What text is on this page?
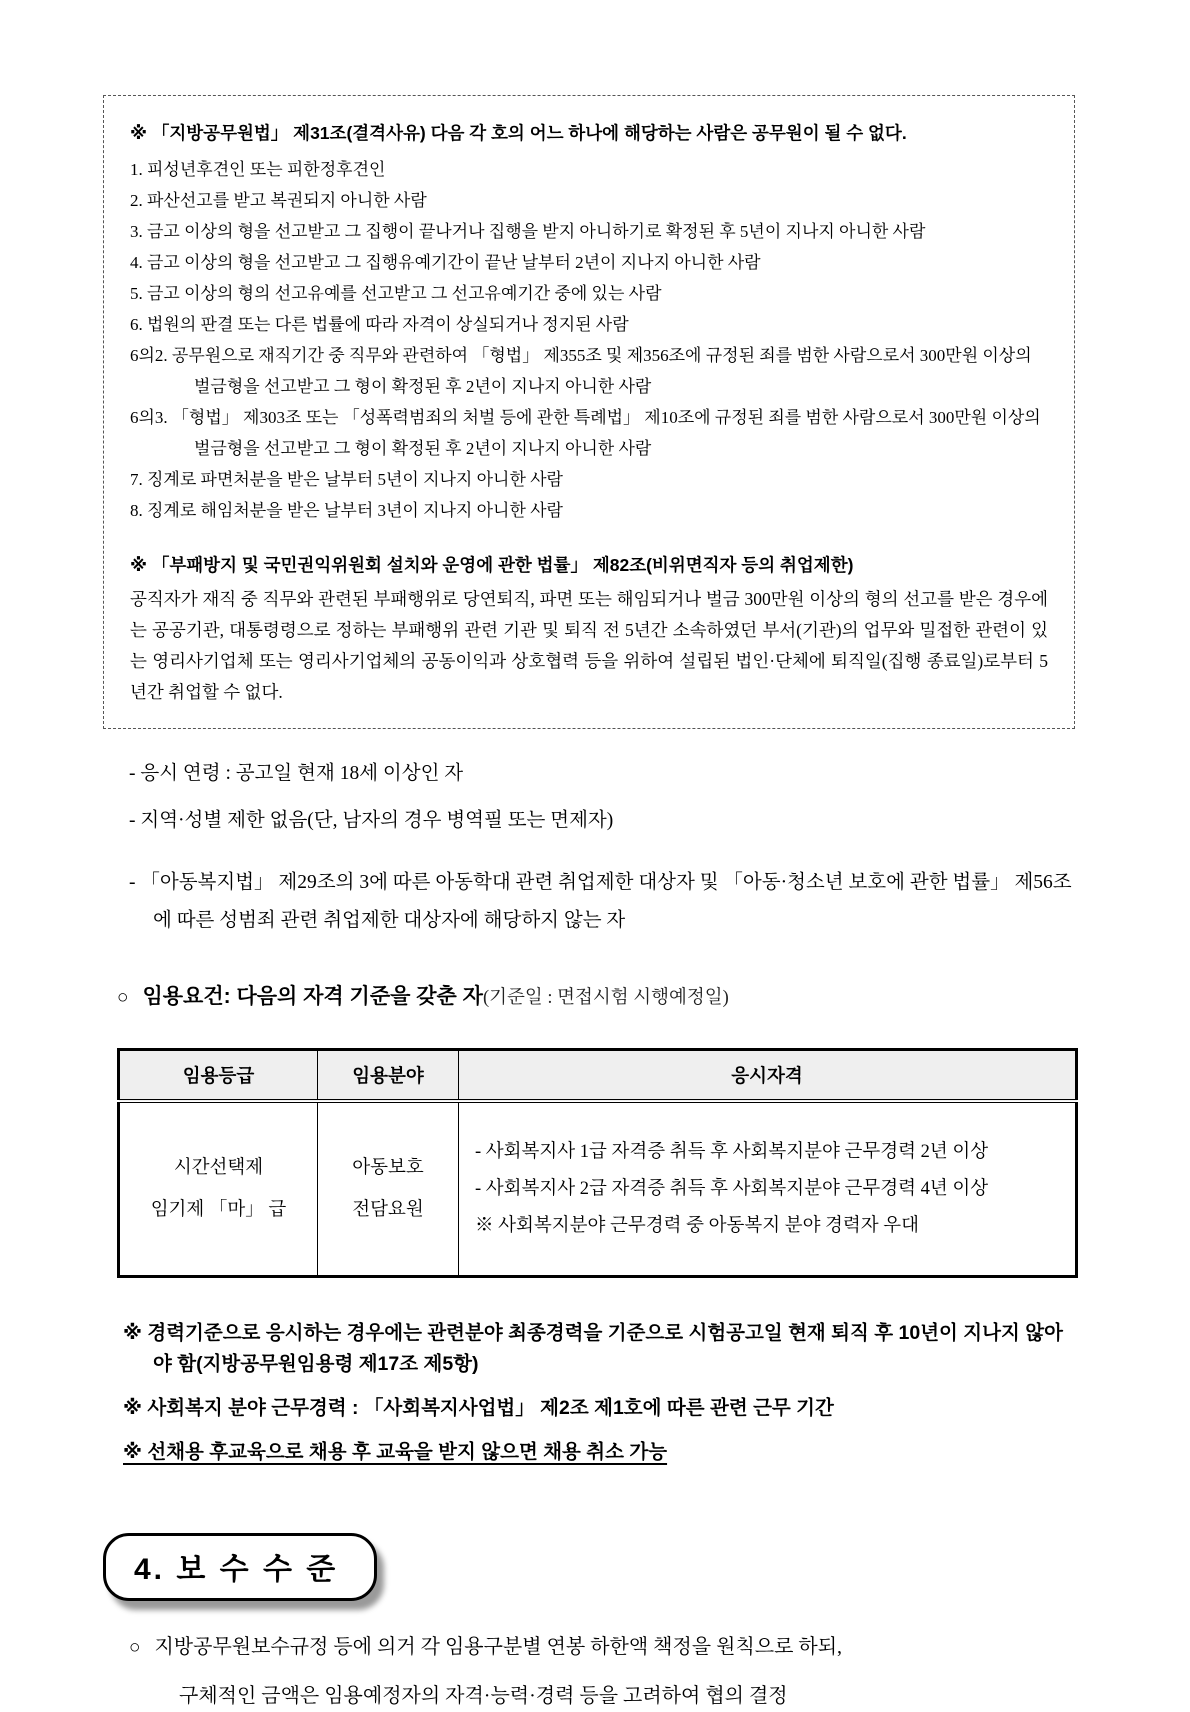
※ 「지방공무원법」 제31조(결격사유) 다음 각 호의 어느 하나에 해당하는 사람은 공무원이 될 수 없다.

1. 피성년후견인 또는 피한정후견인

2. 파산선고를 받고 복권되지 아니한 사람

3. 금고 이상의 형을 선고받고 그 집행이 끝나거나 집행을 받지 아니하기로 확정된 후 5년이 지나지 아니한 사람

4. 금고 이상의 형을 선고받고 그 집행유예기간이 끝난 날부터 2년이 지나지 아니한 사람

5. 금고 이상의 형의 선고유예를 선고받고 그 선고유예기간 중에 있는 사람

6. 법원의 판결 또는 다른 법률에 따라 자격이 상실되거나 정지된 사람

6의2. 공무원으로 재직기간 중 직무와 관련하여 「형법」 제355조 및 제356조에 규정된 죄를 범한 사람으로서 300만원 이상의 벌금형을 선고받고 그 형이 확정된 후 2년이 지나지 아니한 사람

6의3. 「형법」 제303조 또는 「성폭력범죄의 처벌 등에 관한 특례법」 제10조에 규정된 죄를 범한 사람으로서 300만원 이상의 벌금형을 선고받고 그 형이 확정된 후 2년이 지나지 아니한 사람

7. 징계로 파면처분을 받은 날부터 5년이 지나지 아니한 사람

8. 징계로 해임처분을 받은 날부터 3년이 지나지 아니한 사람

※ 「부패방지 및 국민권익위원회 설치와 운영에 관한 법률」 제82조(비위면직자 등의 취업제한)

공직자가 재직 중 직무와 관련된 부패행위로 당연퇴직, 파면 또는 해임되거나 벌금 300만원 이상의 형의 선고를 받은 경우에는 공공기관, 대통령령으로 정하는 부패행위 관련 기관 및 퇴직 전 5년간 소속하였던 부서(기관)의 업무와 밀접한 관련이 있는 영리사기업체 또는 영리사기업체의 공동이익과 상호협력 등을 위하여 설립된 법인·단체에 퇴직일(집행 종료일)로부터 5년간 취업할 수 없다.

- 응시 연령 : 공고일 현재 18세 이상인 자

- 지역·성별 제한 없음(단, 남자의 경우 병역필 또는 면제자)

- 「아동복지법」 제29조의 3에 따른 아동학대 관련 취업제한 대상자 및 「아동·청소년 보호에 관한 법률」 제56조에 따른 성범죄 관련 취업제한 대상자에 해당하지 않는 자

○ 임용요건: 다음의 자격 기준을 갖춘 자(기준일 : 면접시험 시행예정일)
임용등급	임용분야	응시자격

시간선택제
임기제 「마」 급

아동보호
전담요원

- 사회복지사 1급 자격증 취득 후 사회복지분야 근무경력 2년 이상
- 사회복지사 2급 자격증 취득 후 사회복지분야 근무경력 4년 이상
※ 사회복지분야 근무경력 중 아동복지 분야 경력자 우대

※ 경력기준으로 응시하는 경우에는 관련분야 최종경력을 기준으로 시험공고일 현재 퇴직 후 10년이 지나지 않아야 함(지방공무원임용령 제17조 제5항)

※ 사회복지 분야 근무경력 : 「사회복지사업법」 제2조 제1호에 따른 관련 근무 기간

※ 선채용 후교육으로 채용 후 교육을 받지 않으면 채용 취소 가능

4. 보 수 수 준

○ 지방공무원보수규정 등에 의거 각 임용구분별 연봉 하한액 책정을 원칙으로 하되,

구체적인 금액은 임용예정자의 자격·능력·경력 등을 고려하여 협의 결정
